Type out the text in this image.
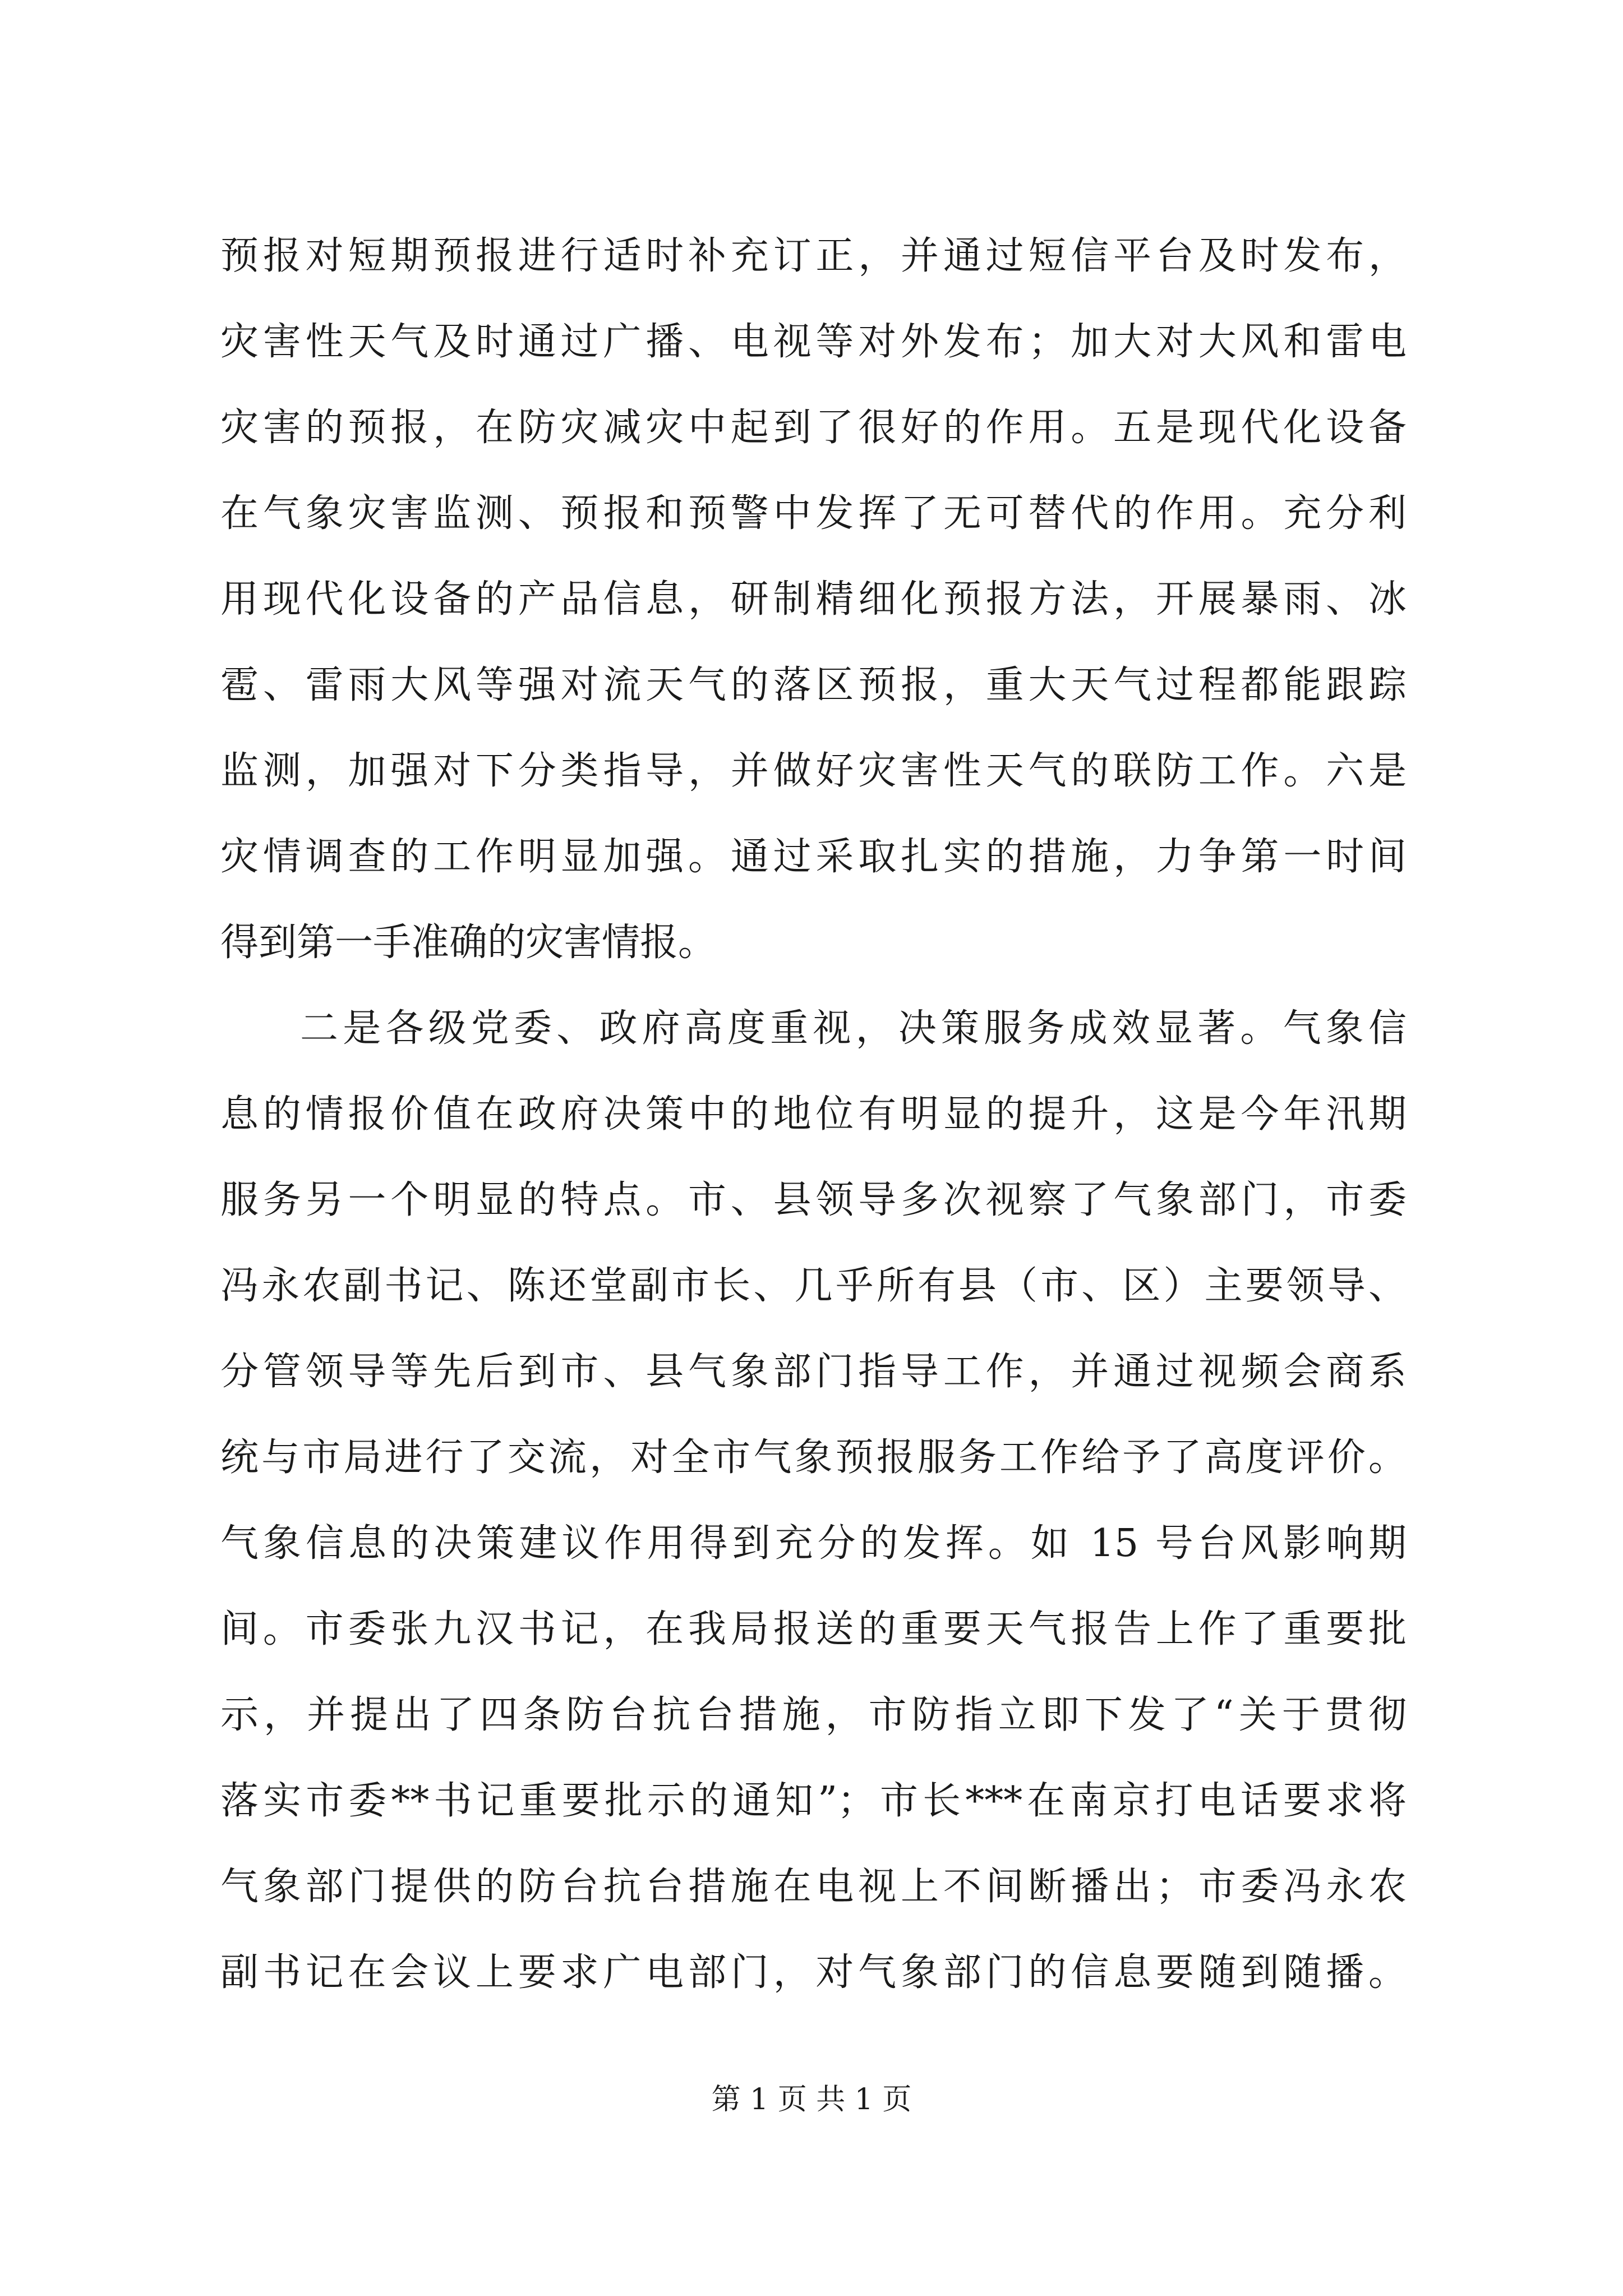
预报对短期预报进行适时补充订正，并通过短信平台及时发布，
灾害性天气及时通过广播、电视等对外发布；加大对大风和雷电
灾害的预报，在防灾减灾中起到了很好的作用。五是现代化设备
在气象灾害监测、预报和预警中发挥了无可替代的作用。充分利
用现代化设备的产品信息，研制精细化预报方法，开展暴雨、冰
雹、雷雨大风等强对流天气的落区预报，重大天气过程都能跟踪
监测，加强对下分类指导，并做好灾害性天气的联防工作。六是
灾情调查的工作明显加强。通过采取扎实的措施，力争第一时间
得到第一手准确的灾害情报。
二是各级党委、政府高度重视，决策服务成效显著。气象信
息的情报价值在政府决策中的地位有明显的提升，这是今年汛期
服务另一个明显的特点。市、县领导多次视察了气象部门，市委
冯永农副书记、陈还堂副市长、几乎所有县（市、区）主要领导、
分管领导等先后到市、县气象部门指导工作，并通过视频会商系
统与市局进行了交流，对全市气象预报服务工作给予了高度评价。
气象信息的决策建议作用得到充分的发挥。如 15 号台风影响期
间。市委张九汉书记，在我局报送的重要天气报告上作了重要批
示，并提出了四条防台抗台措施，市防指立即下发了“关于贯彻
落实市委**书记重要批示的通知”；市长***在南京打电话要求将
气象部门提供的防台抗台措施在电视上不间断播出；市委冯永农
副书记在会议上要求广电部门，对气象部门的信息要随到随播。
第 1 页 共 1 页
